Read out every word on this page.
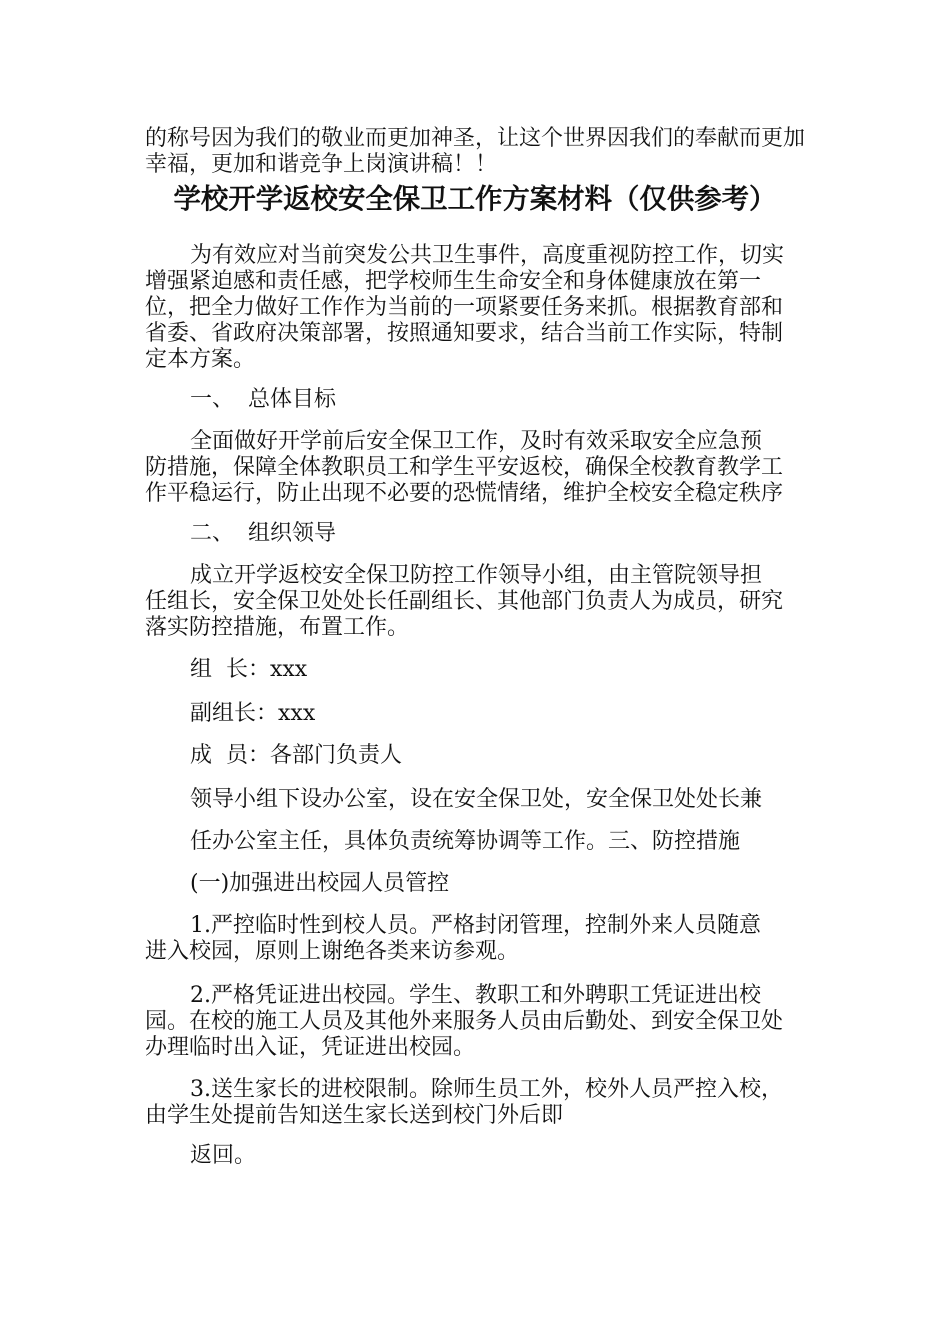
的称号因为我们的敬业而更加神圣，让这个世界因我们的奉献而更加
幸福，更加和谐竞争上岗演讲稿！！
学校开学返校安全保卫工作方案材料（仅供参考）
为有效应对当前突发公共卫生事件，高度重视防控工作，切实
增强紧迫感和责任感，把学校师生生命安全和身体健康放在第一
位，把全力做好工作作为当前的一项紧要任务来抓。根据教育部和
省委、省政府决策部署，按照通知要求，结合当前工作实际，特制
定本方案。
一、  总体目标
全面做好开学前后安全保卫工作，及时有效采取安全应急预
防措施，保障全体教职员工和学生平安返校，确保全校教育教学工
作平稳运行，防止出现不必要的恐慌情绪，维护全校安全稳定秩序
二、  组织领导
成立开学返校安全保卫防控工作领导小组，由主管院领导担
任组长，安全保卫处处长任副组长、其他部门负责人为成员，研究
落实防控措施，布置工作。
组  长：xxx
副组长：xxx
成  员：各部门负责人
领导小组下设办公室，设在安全保卫处，安全保卫处处长兼
任办公室主任，具体负责统筹协调等工作。三、防控措施
(一)加强进出校园人员管控
1.严控临时性到校人员。严格封闭管理，控制外来人员随意
进入校园，原则上谢绝各类来访参观。
2.严格凭证进出校园。学生、教职工和外聘职工凭证进出校
园。在校的施工人员及其他外来服务人员由后勤处、到安全保卫处
办理临时出入证，凭证进出校园。
3.送生家长的进校限制。除师生员工外，校外人员严控入校，
由学生处提前告知送生家长送到校门外后即
返回。
